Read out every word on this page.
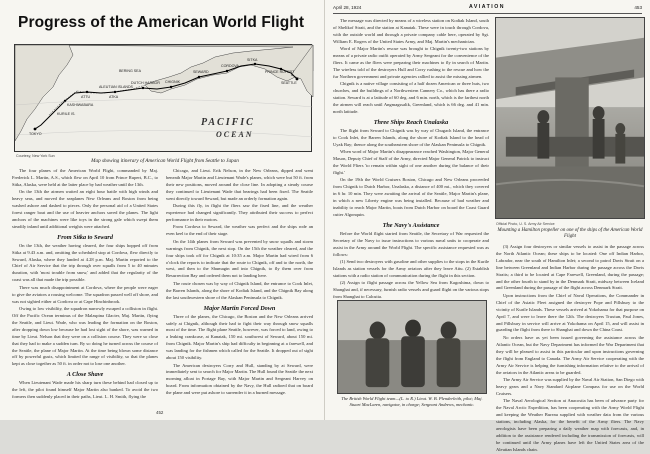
Progress of the American World Flight
SEATTLE
PRINCE RUPERT
SITKA
CORDOVA
SEWARD
CHIGNIK
DUTCH HARBOR
ATKA
ATTU
KASHIWABARA
KURILE IS.
TOKYO
ALEUTIAN ISLANDS
BERING SEA
PACIFIC
OCEAN
Courtesy, New York Sun
Map showing itinerary of American World Flight from Seattle to Japan

The four planes of the American World Flight, commanded by Maj. Frederick L. Martin, A.S., which flew on April 10 from Prince Rupert, B.C., to Sitka, Alaska, were held at the latter place by bad weather until the 13th.

On the 13th the airmen waited an eight hour battle with high winds and heavy seas, and moved the seaplanes New Orleans and Boston from being washed ashore and dashed to pieces. Only the personal aid of a United States forest ranger boat and the use of heavier anchors saved the planes. The light anchors of the machines were like toys in the strong gale which swept them steadily inland until additional weights were attached.

From Sitka to Seward

On the 13th, the weather having cleared, the four ships hopped off from Sitka at 9.43 a.m. and, omitting the scheduled stop at Cordova, flew directly to Seward, Alaska, where they landed at 4.28 p.m. Maj. Martin reported to the Chief of Air Service that the trip through over squalls from 5 to 40 minutes duration, with 'most trouble from snow,' and added that the regularity of the coast was all that made the trip possible.

There was much disappointment at Cordova, where the people were eager to give the aviators a rousing welcome. The squadron passed well off shore, and was not sighted either at Cordova or at Cape Hinchinbrook.

Owing to low visibility, the squadron narrowly escaped a collision in flight. Off the Pacific Ocean terminus of the Malaspina Glacier, Maj. Martin, flying the Seattle, and Lieut. Wade, who was leading the formation on the Boston, after dropping down low because he had lost sight of the shore, was warned in time by Lieut. Nelson that they were on a collision course. They were so close that they had to make a sudden turn. By so doing he turned across the course of the Seattle, the plane of Major Martin. At the time being blown some distance off by powerful gusts, which limited the range of visibility, so that the planes kept as close together as 50 ft. in order not to lose one another.

A Close Shave

When Lieutenant Wade made his sharp turn these behind had closed up to the left, the pilot found himself Major Martin also banked. To avoid the two formers then suddenly placed in their paths, Lieut. L. H. Smith, flying the

Chicago, and Lieut. Erik Nelson, in the New Orleans, dipped and went beneath Major Martin and Lieutenant Wade's planes, which were but 50 ft. from their new positions, moved around the close line. In adopting a steady course they continued to Lieutenant Wade that bearings had been fixed. The Seattle went directly toward Seward, but made an orderly formation again.

During this fly, in flight the fliers saw the fixed line, and the weather experience had changed significantly. They attributed their success to perfect performance in their motors.

From Cordova to Seward, the weather was perfect and the ships rode an even keel to the end of their stage.

On the 14th planes from Seward was prevented by snow squalls and storm warnings from Chignik, the next stop. On the 15th the weather cleared, and the four ships took off for Chignik at 10:35 a.m. Major Martin had wired from 6 o'clock the reports to indicate that the route to Chignik, off and to the north, the west, and then to the Shumagin and into Chignik, to fly them over from Resurrection Bay and ordered them not to landing here.

The route chosen was by way of Chignik Island, the entrance to Cook Inlet, the Barren Islands, along the shore of Kodiak Island, and the Chignik Bay along the last southwestern shore of the Alaskan Peninsula to Chignik.

Major Martin Forced Down

Three of the planes, the Chicago, the Boston and the New Orleans arrived safely at Chignik, although their had to fight their way through snow squalls most of the time. The flight plane Seattle, however, was forced to land, owing to a leaking crankcase, at Kanatak, 150 mi. southwest of Seward, about 150 mi. from Chignik. Major Martin's ship had difficulty in beginning at a farewell, and was landing for the fishmen which called for the Seattle. It dropped out of sight about 150 visibility.

The American destroyers Corry and Hull, standing by at Seward, were immediately sent to search for Major Martin. The Hull found the Seattle the next morning afloat in Portage Bay, with Major Martin and Sergeant Harvey on board. From information obtained by the Navy, the Hull radioed that on board the plane and were put ashore to surrender it in a burned message.

452
April 28, 1924	AVIATION	453

The message was directed by means of a wireless station on Kodiak Island, south of Shelikof Strait, and the station at Kanatak. These were in touch through Cordova, with the outside world and through a private company cable here, operated by Sgt. William E. Rogers of the United States Army, and Maj. Martin's mechanician.

Word of Major Martin's rescue was brought to Chignik twenty-two stations by means of a private radio outfit operated by Army Sergeant for the convenience of the fliers. It came as the fliers were preparing their machines to fly in search of Martin. The wireless told of the destroyers Hull and Corry rushing to the rescue and how the fur Northern government and private agencies rallied to assist the missing airmen.

Chignik is a native village consisting of a half dozen American or three huts, two churches, and the buildings of a Northwestern Cannery Co., which has there a radio station. Seward is at a latitude of 60 deg. and 6 min. north, which is the farthest north the airmen will reach until Angmagssalik, Greenland, which is 66 deg. and 41 min. north latitude.

Three Ships Reach Unalaska

The flight from Seward to Chignik was by way of Chugach Island, the entrance to Cook Inlet, the Barren Islands, along the shore of Kodiak Island to the head of Uyak Bay; thence along the southeastern shore of the Alaskan Peninsula to Chignik.

When word of Major Martin's disappearance reached Washington, Major General Mason, Deputy Chief of Staff of the Army, directed Major General Patrick to instruct the World Fliers 'to remain within sight of one another during the balance of their flight.'

On the 19th the World Cruisers Boston, Chicago and New Orleans proceeded from Chignik to Dutch Harbor, Unalaska, a distance of 400 mi., which they covered in 6 hr. 10 min. They were awaiting the arrival of the Seattle, Major Martin's plane, in which a new Liberty engine was being installed. Because of bad weather and inability to reach Major Martin, boats from Dutch Harbor on board the Coast Guard cutter Algonquin.

The Navy's Assistance

Before the World flight started from Seattle, the Secretary of War requested the Secretary of the Navy to issue instructions to various naval units to cooperate and assist in the Army around the World Flight. The specific assistance requested was as follows:

(1) Send two destroyers with gasoline and other supplies to the stops in the Kurile Islands as station vessels for the Army aviators after they leave Attu. (2) Establish stations with a radio station of communication during the flight in this section.

(2) Assign to flight passage across the Yellow Sea from Kagoshima, down to Shanghai and, if necessary, furnish radio vessels and guard flight on the various stops from Shanghai to Calcutta.

Official Photo, U. S. Army Air Service
Mounting a Hamilton propeller on one of the ships of the American World Flight

(3) Assign four destroyers or similar vessels to assist in the passage across the North Atlantic Ocean; these ships to be located: One off Indian Harbor, Labrador, near the south of Hamilton Inlet; a second to patrol Davis Strait on a line between Greenland and Indian Harbor during the passage across the Davis Straits; a third to be located at Cape Farewell, Greenland, during the passage; and the other fourth to stand by in the Denmark Strait, midway between Iceland and Greenland during the passage of the flight across Denmark Strait.

Upon instructions from the Chief of Naval Operations, the Commander in Chief of the Asiatic Fleet assigned the destroyer Pope and Pillsbury to the vicinity of Kurile Islands. These vessels arrived at Yokohama for that purpose on April 7, and were to leave there the 12th. The destroyers Truxtun, Paul Jones, and Pillsbury in service will arrive at Yokohama on April 15, and will assist in guarding the flight from there to Shanghai and down the China Coast.

No orders have as yet been issued governing the assistance across the Atlantic Ocean, but the Navy Department has informed the War Department that they will be pleased to assist in this particular and upon instructions governing the flight from England to Canada. The Army Air Service cooperating with the Army Air Service is helping the furnishing information relative to the arrival of the aviators in the Atlantic areas to be guarded.

The Army Air Service was supplied by the Naval Air Station, San Diego with heavy gears and a Navy Standard Airplane Compass for use on the World Cruisers.

The Naval Aerological Section at Anacostia has been of advance party for the Naval Arctic Expedition, has been cooperating with the Army World Flight and keeping the Weather Bureau supplied with weather data from the various stations, including Alaska, for the benefit of the Army fliers. The Navy aerologists have been preparing a daily weather map with forecasts, and, in addition to the assistance rendered including the transmission of forecasts, will be continued until the Army planes have left the United States area of the Aleutian Islands chain.

The British World Flight team—(L. to R.) Lieut. W. B. Plenderleith, pilot; Maj. Stuart MacLaren, navigator, in charge; Sergeant Andrews, mechanic.
